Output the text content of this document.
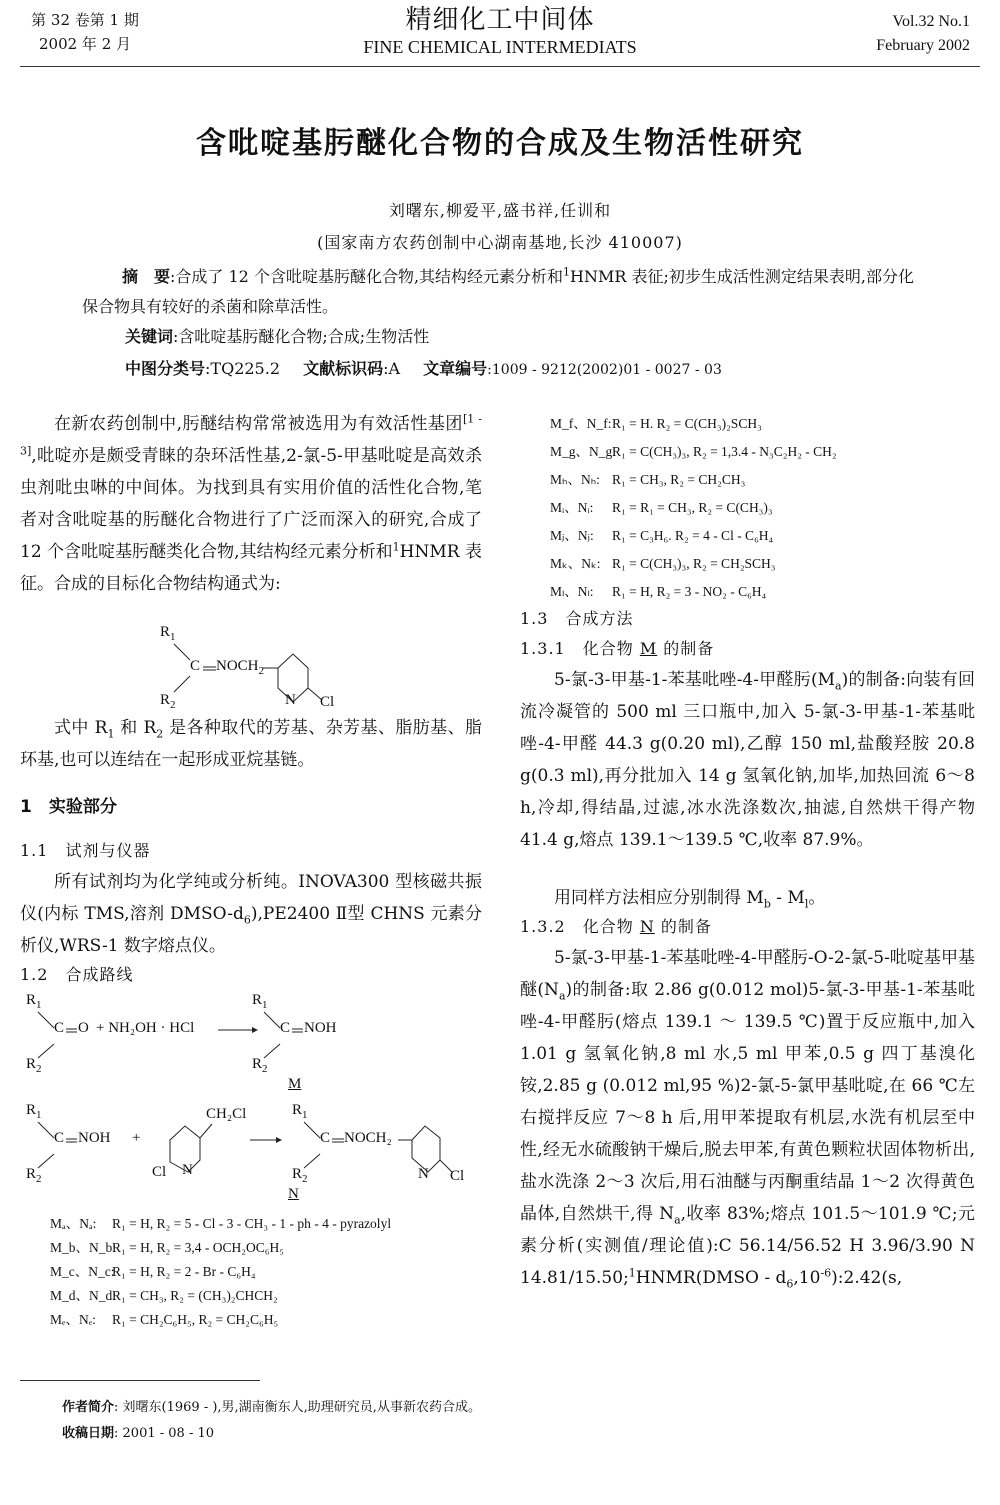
第 32 卷第 1 期
2002 年 2 月
精细化工中间体
FINE CHEMICAL INTERMEDIATS
Vol.32 No.1
February 2002
含吡啶基肟醚化合物的合成及生物活性研究
刘曙东,柳爱平,盛书祥,任训和
(国家南方农药创制中心湖南基地,长沙 410007)
摘　要:合成了 12 个含吡啶基肟醚化合物,其结构经元素分析和$^1$HNMR 表征;初步生成活性测定结果表明,部分化保合物具有较好的杀菌和除草活性。
关键词:含吡啶基肟醚化合物;合成;生物活性
中图分类号:TQ225.2 文献标识码:A 文章编号:1009 - 9212(2002)01 - 0027 - 03
在新农药创制中,肟醚结构常常被选用为有效活性基团[1 - 3],吡啶亦是颇受青睐的杂环活性基,2-氯-5-甲基吡啶是高效杀虫剂吡虫啉的中间体。为找到具有实用价值的活性化合物,笔者对含吡啶基的肟醚化合物进行了广泛而深入的研究,合成了 12 个含吡啶基肟醚类化合物,其结构经元素分析和$^1$HNMR 表征。合成的目标化合物结构通式为:
$R_1$
C $NOCH_2$
$R_2$	N Cl
式中 $R_1$ 和 $R_2$ 是各种取代的芳基、杂芳基、脂肪基、脂环基,也可以连结在一起形成亚烷基链。
1　实验部分
1.1　试剂与仪器
所有试剂均为化学纯或分析纯。INOVA300 型核磁共振仪(内标 TMS,溶剂 DMSO-$d_6),PE2400$ Ⅱ型 CHNS 元素分析仪,WRS-1 数字熔点仪。
1.2　合成路线
$R_1$
C O + NH₂OH · HCl
$R_2$
$R_1$
C NOH
$R_2$
M
$R_1$
C NOH
$R_2$
+
CH₂Cl
Cl N
$R_1$
C NOCH₂
$R_2$	N Cl
N
Mₐ、Nₐ: R₁ = H, R₂ = 5 - Cl - 3 - CH₃ - 1 - ph - 4 - pyrazolyl
M_b、N_b:R₁ = H, R₂ = 3,4 - OCH₂OC₆H₅
M_c、N_c:R₁ = H, R₂ = 2 - Br - C₆H₄
M_d、N_d:R₁ = CH₃, R₂ = (CH₃)₂CHCH₂
Mₑ、Nₑ: R₁ = CH₂C₆H₅, R₂ = CH₂C₆H₅
M_f、N_f:R₁ = H. R₂ = C(CH₃)₂SCH₃
M_g、N_g:R₁ = C(CH₃)₃, R₂ = 1,3.4 - N₃C₂H₂ - CH₂
Mₕ、Nₕ: R₁ = CH₃, R₂ = CH₂CH₃
Mᵢ、Nᵢ: R₁ = R₁ = CH₃, R₂ = C(CH₃)₃
Mⱼ、Nⱼ: R₁ = C₃H₆. R₂ = 4 - Cl - C₆H₄
Mₖ、Nₖ: R₁ = C(CH₃)₃, R₂ = CH₂SCH₃
Mₗ、Nₗ: R₁ = H, R₂ = 3 - NO₂ - C₆H₄
1.3　合成方法
1.3.1　化合物 M 的制备
5-氯-3-甲基-1-苯基吡唑-4-甲醛肟$(M_a)$的制备:向装有回流冷凝管的 500 ml 三口瓶中,加入 5-氯-3-甲基-1-苯基吡唑-4-甲醛 44.3 g(0.20 ml),乙醇 150 ml,盐酸羟胺 20.8 g(0.3 ml),再分批加入 14 g 氢氧化钠,加毕,加热回流 6～8 h,冷却,得结晶,过滤,冰水洗涤数次,抽滤,自然烘干得产物 41.4 g,熔点 139.1～139.5 ℃,收率 87.9%。
用同样方法相应分别制得 $M_b - M_l$。
1.3.2　化合物 N 的制备
5-氯-3-甲基-1-苯基吡唑-4-甲醛肟-O-2-氯-5-吡啶基甲基醚$(N_a)$的制备:取 2.86 g(0.012 mol)5-氯-3-甲基-1-苯基吡唑-4-甲醛肟(熔点 139.1 ～ 139.5 ℃)置于反应瓶中,加入 1.01 g 氢氧化钠,8 ml 水,5 ml 甲苯,0.5 g 四丁基溴化铵,2.85 g (0.012 ml,95 %)2-氯-5-氯甲基吡啶,在 66 ℃左右搅拌反应 7～8 h 后,用甲苯提取有机层,水洗有机层至中性,经无水硫酸钠干燥后,脱去甲苯,有黄色颗粒状固体物析出,盐水洗涤 2～3 次后,用石油醚与丙酮重结晶 1～2 次得黄色晶体,自然烘干,得 $N_a$,收率 83%;熔点 101.5～101.9 ℃;元素分析(实测值/理论值):C 56.14/56.52 H 3.96/3.90 N 14.81/15.50;$^1$HNMR(DMSO - $d_6,10^{-6}):2.42(s$,
作者简介: 刘曙东(1969 - ),男,湖南衡东人,助理研究员,从事新农药合成。
收稿日期: 2001 - 08 - 10
